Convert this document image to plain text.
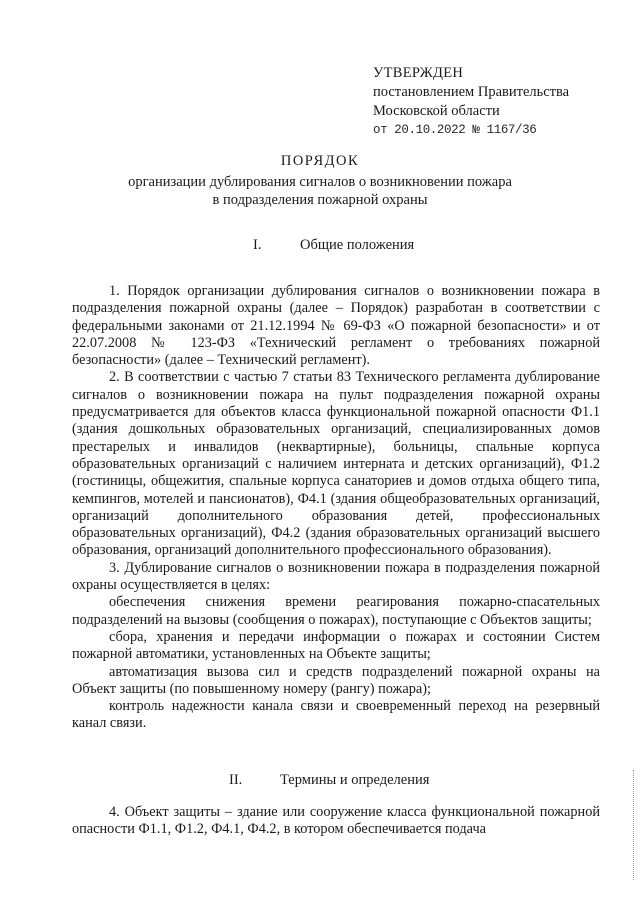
УТВЕРЖДЕН
постановлением Правительства
Московской области
от 20.10.2022 № 1167/36
ПОРЯДОК
организации дублирования сигналов о возникновении пожара
в подразделения пожарной охраны
I.	Общие положения

1. Порядок организации дублирования сигналов о возникновении пожара в подразделения пожарной охраны (далее – Порядок) разработан в соответствии с федеральными законами от 21.12.1994 № 69-ФЗ «О пожарной безопасности» и от 22.07.2008 № 123-ФЗ «Технический регламент о требованиях пожарной безопасности» (далее – Технический регламент).

2. В соответствии с частью 7 статьи 83 Технического регламента дублирование сигналов о возникновении пожара на пульт подразделения пожарной охраны предусматривается для объектов класса функциональной пожарной опасности Ф1.1 (здания дошкольных образовательных организаций, специализированных домов престарелых и инвалидов (неквартирные), больницы, спальные корпуса образовательных организаций с наличием интерната и детских организаций), Ф1.2 (гостиницы, общежития, спальные корпуса санаториев и домов отдыха общего типа, кемпингов, мотелей и пансионатов), Ф4.1 (здания общеобразовательных организаций, организаций дополнительного образования детей, профессиональных образовательных организаций), Ф4.2 (здания образовательных организаций высшего образования, организаций дополнительного профессионального образования).

3. Дублирование сигналов о возникновении пожара в подразделения пожарной охраны осуществляется в целях:

обеспечения снижения времени реагирования пожарно-спасательных подразделений на вызовы (сообщения о пожарах), поступающие с Объектов защиты;

сбора, хранения и передачи информации о пожарах и состоянии Систем пожарной автоматики, установленных на Объекте защиты;

автоматизация вызова сил и средств подразделений пожарной охраны на Объект защиты (по повышенному номеру (рангу) пожара);

контроль надежности канала связи и своевременный переход на резервный канал связи.

II.	Термины и определения

4. Объект защиты – здание или сооружение класса функциональной пожарной опасности Ф1.1, Ф1.2, Ф4.1, Ф4.2, в котором обеспечивается подача
